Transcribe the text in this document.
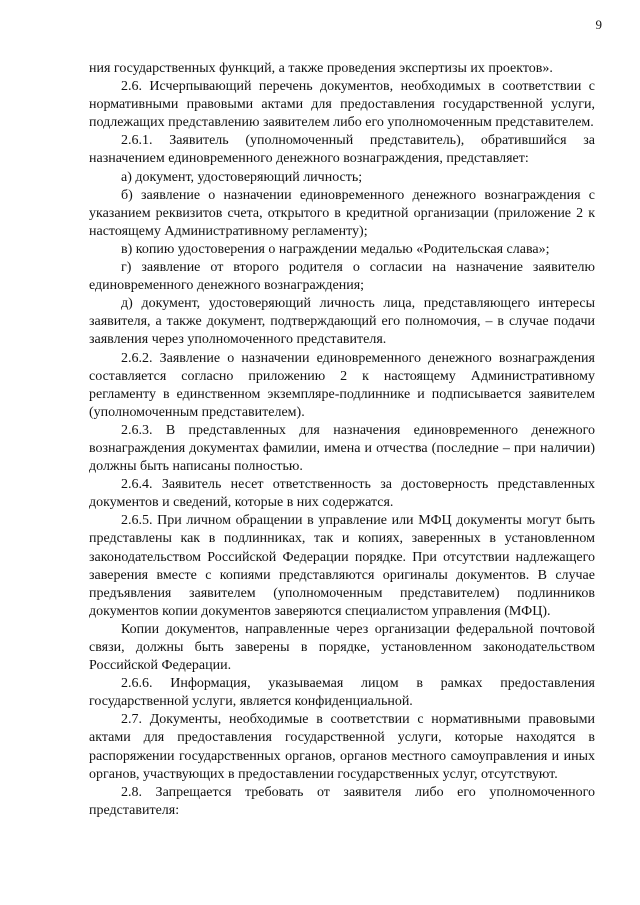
9

ния государственных функций, а также проведения экспертизы их проектов».

2.6. Исчерпывающий перечень документов, необходимых в соответствии с нормативными правовыми актами для предоставления государственной услуги, подлежащих представлению заявителем либо его уполномоченным представителем.

2.6.1. Заявитель (уполномоченный представитель), обратившийся за назначением единовременного денежного вознаграждения, представляет:

а) документ, удостоверяющий личность;

б) заявление о назначении единовременного денежного вознаграждения с указанием реквизитов счета, открытого в кредитной организации (приложение 2 к настоящему Административному регламенту);

в) копию удостоверения о награждении медалью «Родительская слава»;

г) заявление от второго родителя о согласии на назначение заявителю единовременного денежного вознаграждения;

д) документ, удостоверяющий личность лица, представляющего интересы заявителя, а также документ, подтверждающий его полномочия, – в случае подачи заявления через уполномоченного представителя.

2.6.2. Заявление о назначении единовременного денежного вознаграждения составляется согласно приложению 2 к настоящему Административному регламенту в единственном экземпляре-подлиннике и подписывается заявителем (уполномоченным представителем).

2.6.3. В представленных для назначения единовременного денежного вознаграждения документах фамилии, имена и отчества (последние – при наличии) должны быть написаны полностью.

2.6.4. Заявитель несет ответственность за достоверность представленных документов и сведений, которые в них содержатся.

2.6.5. При личном обращении в управление или МФЦ документы могут быть представлены как в подлинниках, так и копиях, заверенных в установленном законодательством Российской Федерации порядке. При отсутствии надлежащего заверения вместе с копиями представляются оригиналы документов. В случае предъявления заявителем (уполномоченным представителем) подлинников документов копии документов заверяются специалистом управления (МФЦ).

Копии документов, направленные через организации федеральной почтовой связи, должны быть заверены в порядке, установленном законодательством Российской Федерации.

2.6.6. Информация, указываемая лицом в рамках предоставления государственной услуги, является конфиденциальной.

2.7. Документы, необходимые в соответствии с нормативными правовыми актами для предоставления государственной услуги, которые находятся в распоряжении государственных органов, органов местного самоуправления и иных органов, участвующих в предоставлении государственных услуг, отсутствуют.

2.8. Запрещается требовать от заявителя либо его уполномоченного представителя:
